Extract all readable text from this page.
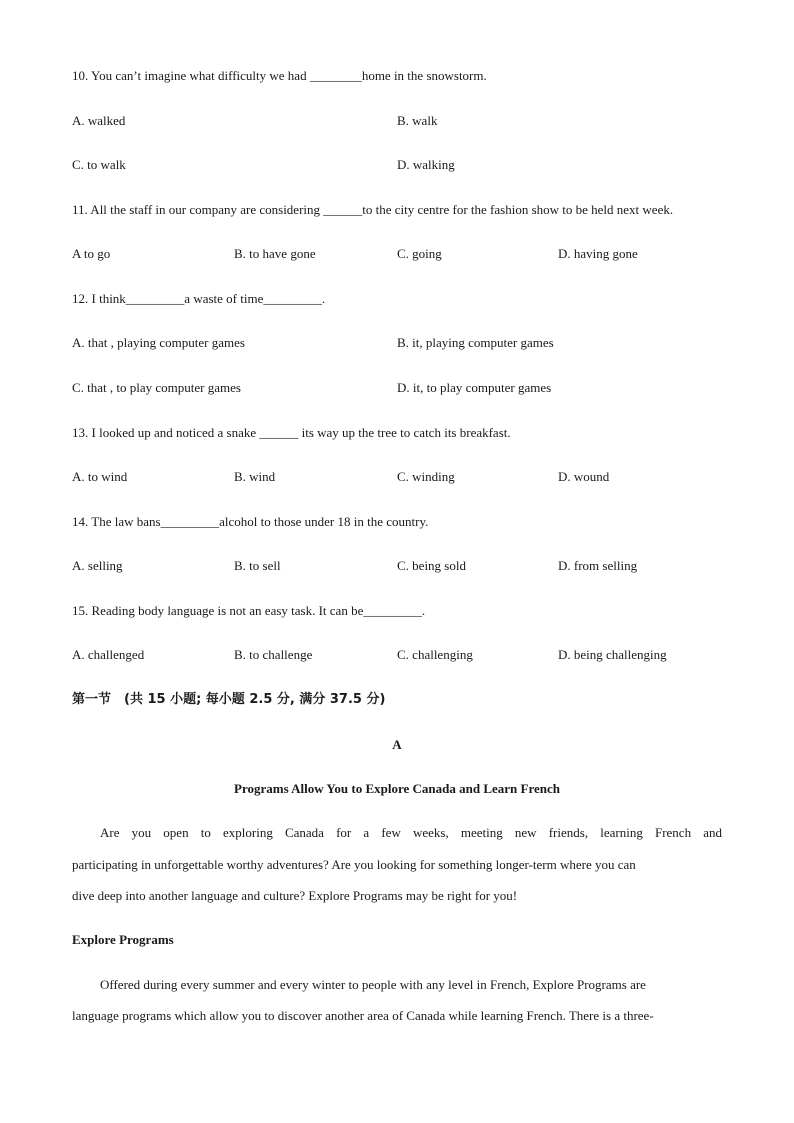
10. You can’t imagine what difficulty we had ________home in the snowstorm.
A. walked	B. walk
C. to walk	D. walking
11. All the staff in our company are considering ______to the city centre for the fashion show to be held next week.
A to go	B. to have gone	C. going	D. having gone
12. I think_________a waste of time_________.
A. that , playing computer games	B. it, playing computer games
C. that , to play computer games	D. it, to play computer games
13. I looked up and noticed a snake ______ its way up the tree to catch its breakfast.
A. to wind	B. wind	C. winding	D. wound
14. The law bans_________alcohol to those under 18 in the country.
A. selling	B. to sell	C. being sold	D. from selling
15. Reading body language is not an easy task. It can be_________.
A. challenged	B. to challenge	C. challenging	D. being challenging
第一节　(共 15 小题; 每小题 2.5 分, 满分 37.5 分)
A
Programs Allow You to Explore Canada and Learn French
Are you open to exploring Canada for a few weeks, meeting new friends, learning French and
participating in unforgettable worthy adventures? Are you looking for something longer-term where you can
dive deep into another language and culture? Explore Programs may be right for you!
Explore Programs
Offered during every summer and every winter to people with any level in French, Explore Programs are
language programs which allow you to discover another area of Canada while learning French. There is a three-
